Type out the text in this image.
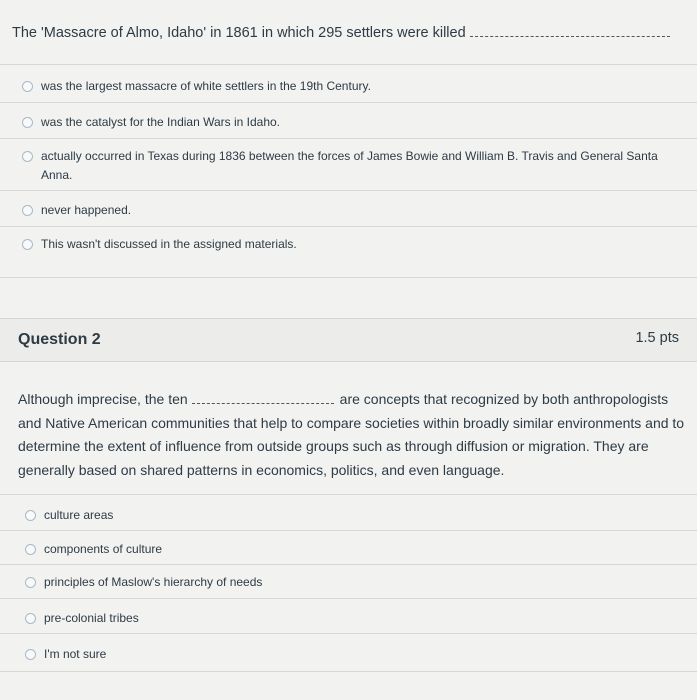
The 'Massacre of Almo, Idaho' in 1861 in which 295 settlers were killed
was the largest massacre of white settlers in the 19th Century.
was the catalyst for the Indian Wars in Idaho.
actually occurred in Texas during 1836 between the forces of James Bowie and William B. Travis and General Santa Anna.
never happened.
This wasn't discussed in the assigned materials.
Question 2	1.5 pts
Although imprecise, the ten	are concepts that recognized by both anthropologists and Native American communities that help to compare societies within broadly similar environments and to determine the extent of influence from outside groups such as through diffusion or migration. They are generally based on shared patterns in economics, politics, and even language.
culture areas
components of culture
principles of Maslow's hierarchy of needs
pre-colonial tribes
I'm not sure
